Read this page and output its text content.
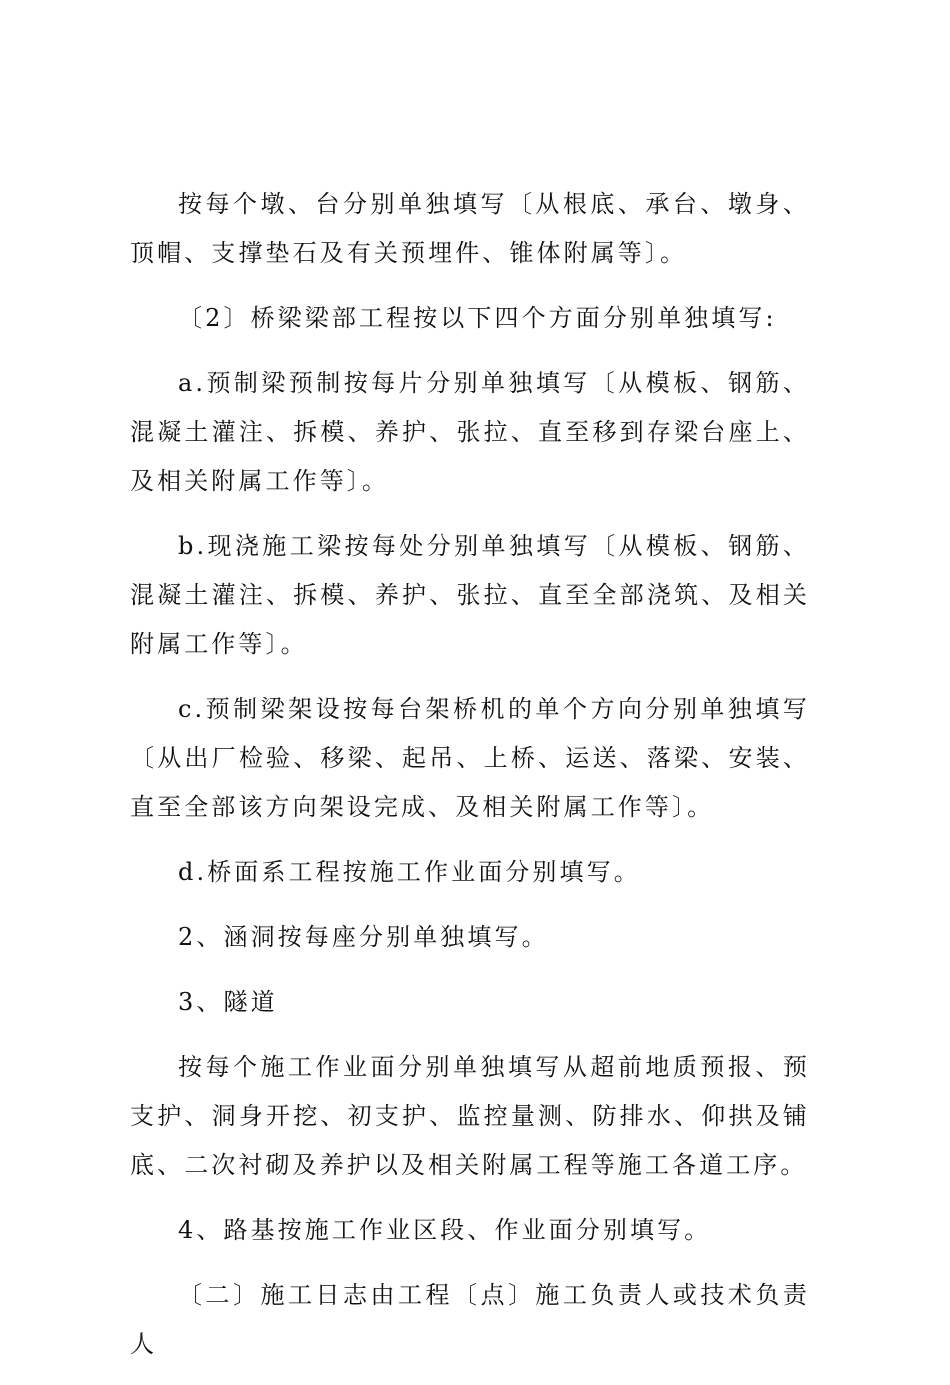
按每个墩、台分别单独填写〔从根底、承台、墩身、顶帽、支撑垫石及有关预埋件、锥体附属等〕。

〔2〕桥梁梁部工程按以下四个方面分别单独填写:

a.预制梁预制按每片分别单独填写〔从模板、钢筋、混凝土灌注、拆模、养护、张拉、直至移到存梁台座上、及相关附属工作等〕。

b.现浇施工梁按每处分别单独填写〔从模板、钢筋、混凝土灌注、拆模、养护、张拉、直至全部浇筑、及相关附属工作等〕。

c.预制梁架设按每台架桥机的单个方向分别单独填写〔从出厂检验、移梁、起吊、上桥、运送、落梁、安装、直至全部该方向架设完成、及相关附属工作等〕。

d.桥面系工程按施工作业面分别填写。

2、涵洞按每座分别单独填写。

3、隧道

按每个施工作业面分别单独填写从超前地质预报、预支护、洞身开挖、初支护、监控量测、防排水、仰拱及铺底、二次衬砌及养护以及相关附属工程等施工各道工序。

4、路基按施工作业区段、作业面分别填写。

〔二〕施工日志由工程〔点〕施工负责人或技术负责人
